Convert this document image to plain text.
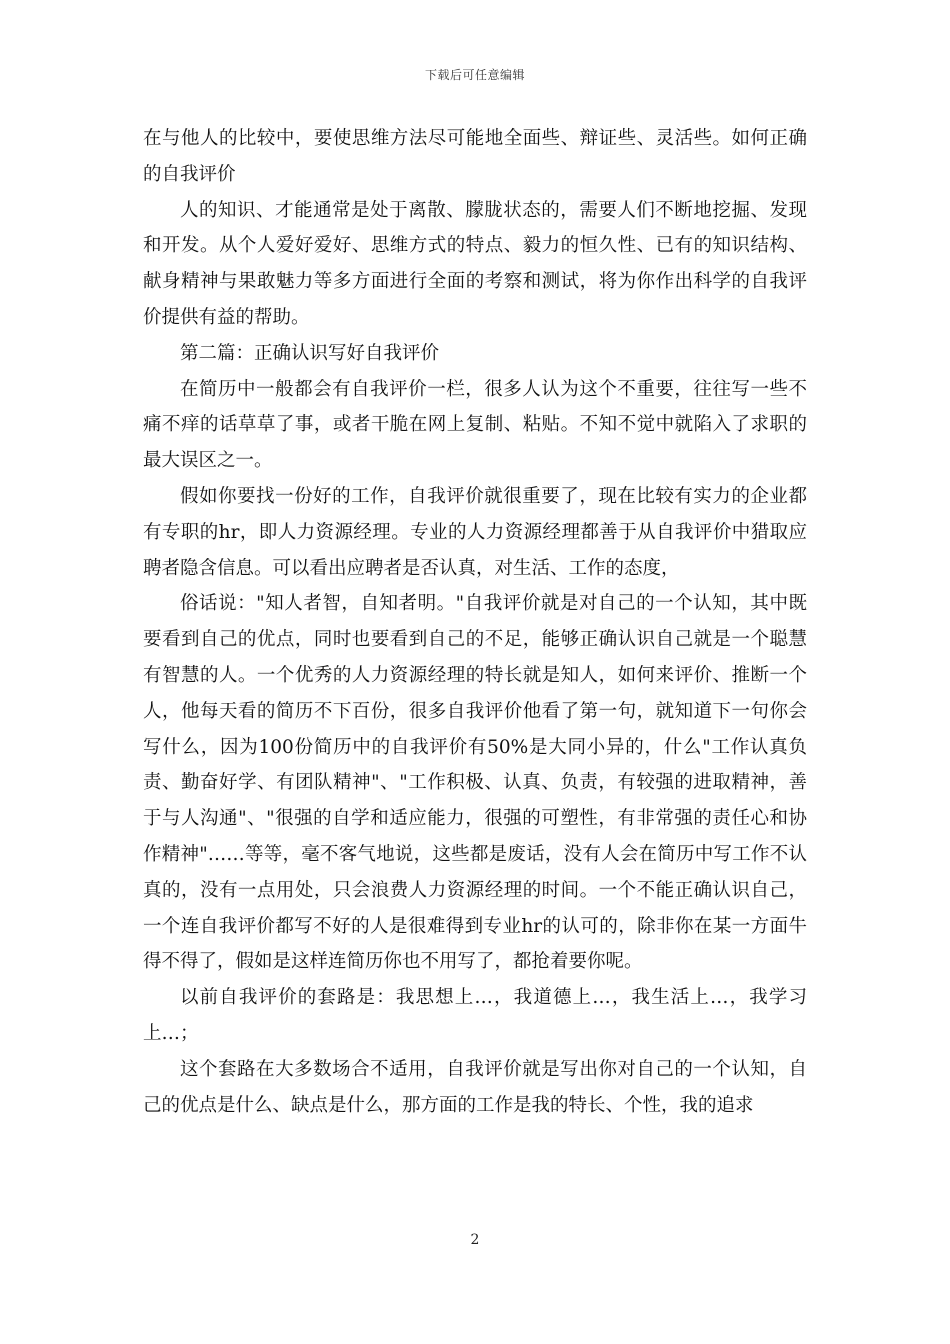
下载后可任意编辑

在与他人的比较中，要使思维方法尽可能地全面些、辩证些、灵活些。如何正确的自我评价

人的知识、才能通常是处于离散、朦胧状态的，需要人们不断地挖掘、发现和开发。从个人爱好爱好、思维方式的特点、毅力的恒久性、已有的知识结构、献身精神与果敢魅力等多方面进行全面的考察和测试，将为你作出科学的自我评价提供有益的帮助。

第二篇：正确认识写好自我评价

在简历中一般都会有自我评价一栏，很多人认为这个不重要，往往写一些不痛不痒的话草草了事，或者干脆在网上复制、粘贴。不知不觉中就陷入了求职的最大误区之一。

假如你要找一份好的工作，自我评价就很重要了，现在比较有实力的企业都有专职的hr，即人力资源经理。专业的人力资源经理都善于从自我评价中猎取应聘者隐含信息。可以看出应聘者是否认真，对生活、工作的态度，

俗话说："知人者智，自知者明。"自我评价就是对自己的一个认知，其中既要看到自己的优点，同时也要看到自己的不足，能够正确认识自己就是一个聪慧有智慧的人。一个优秀的人力资源经理的特长就是知人，如何来评价、推断一个人，他每天看的简历不下百份，很多自我评价他看了第一句，就知道下一句你会写什么，因为100份简历中的自我评价有50%是大同小异的，什么"工作认真负责、勤奋好学、有团队精神"、"工作积极、认真、负责，有较强的进取精神，善于与人沟通"、"很强的自学和适应能力，很强的可塑性，有非常强的责任心和协作精神"……等等，毫不客气地说，这些都是废话，没有人会在简历中写工作不认真的，没有一点用处，只会浪费人力资源经理的时间。一个不能正确认识自己，一个连自我评价都写不好的人是很难得到专业hr的认可的，除非你在某一方面牛得不得了，假如是这样连简历你也不用写了，都抢着要你呢。

以前自我评价的套路是：我思想上…，我道德上…，我生活上…，我学习上…；

这个套路在大多数场合不适用，自我评价就是写出你对自己的一个认知，自己的优点是什么、缺点是什么，那方面的工作是我的特长、个性，我的追求

2
